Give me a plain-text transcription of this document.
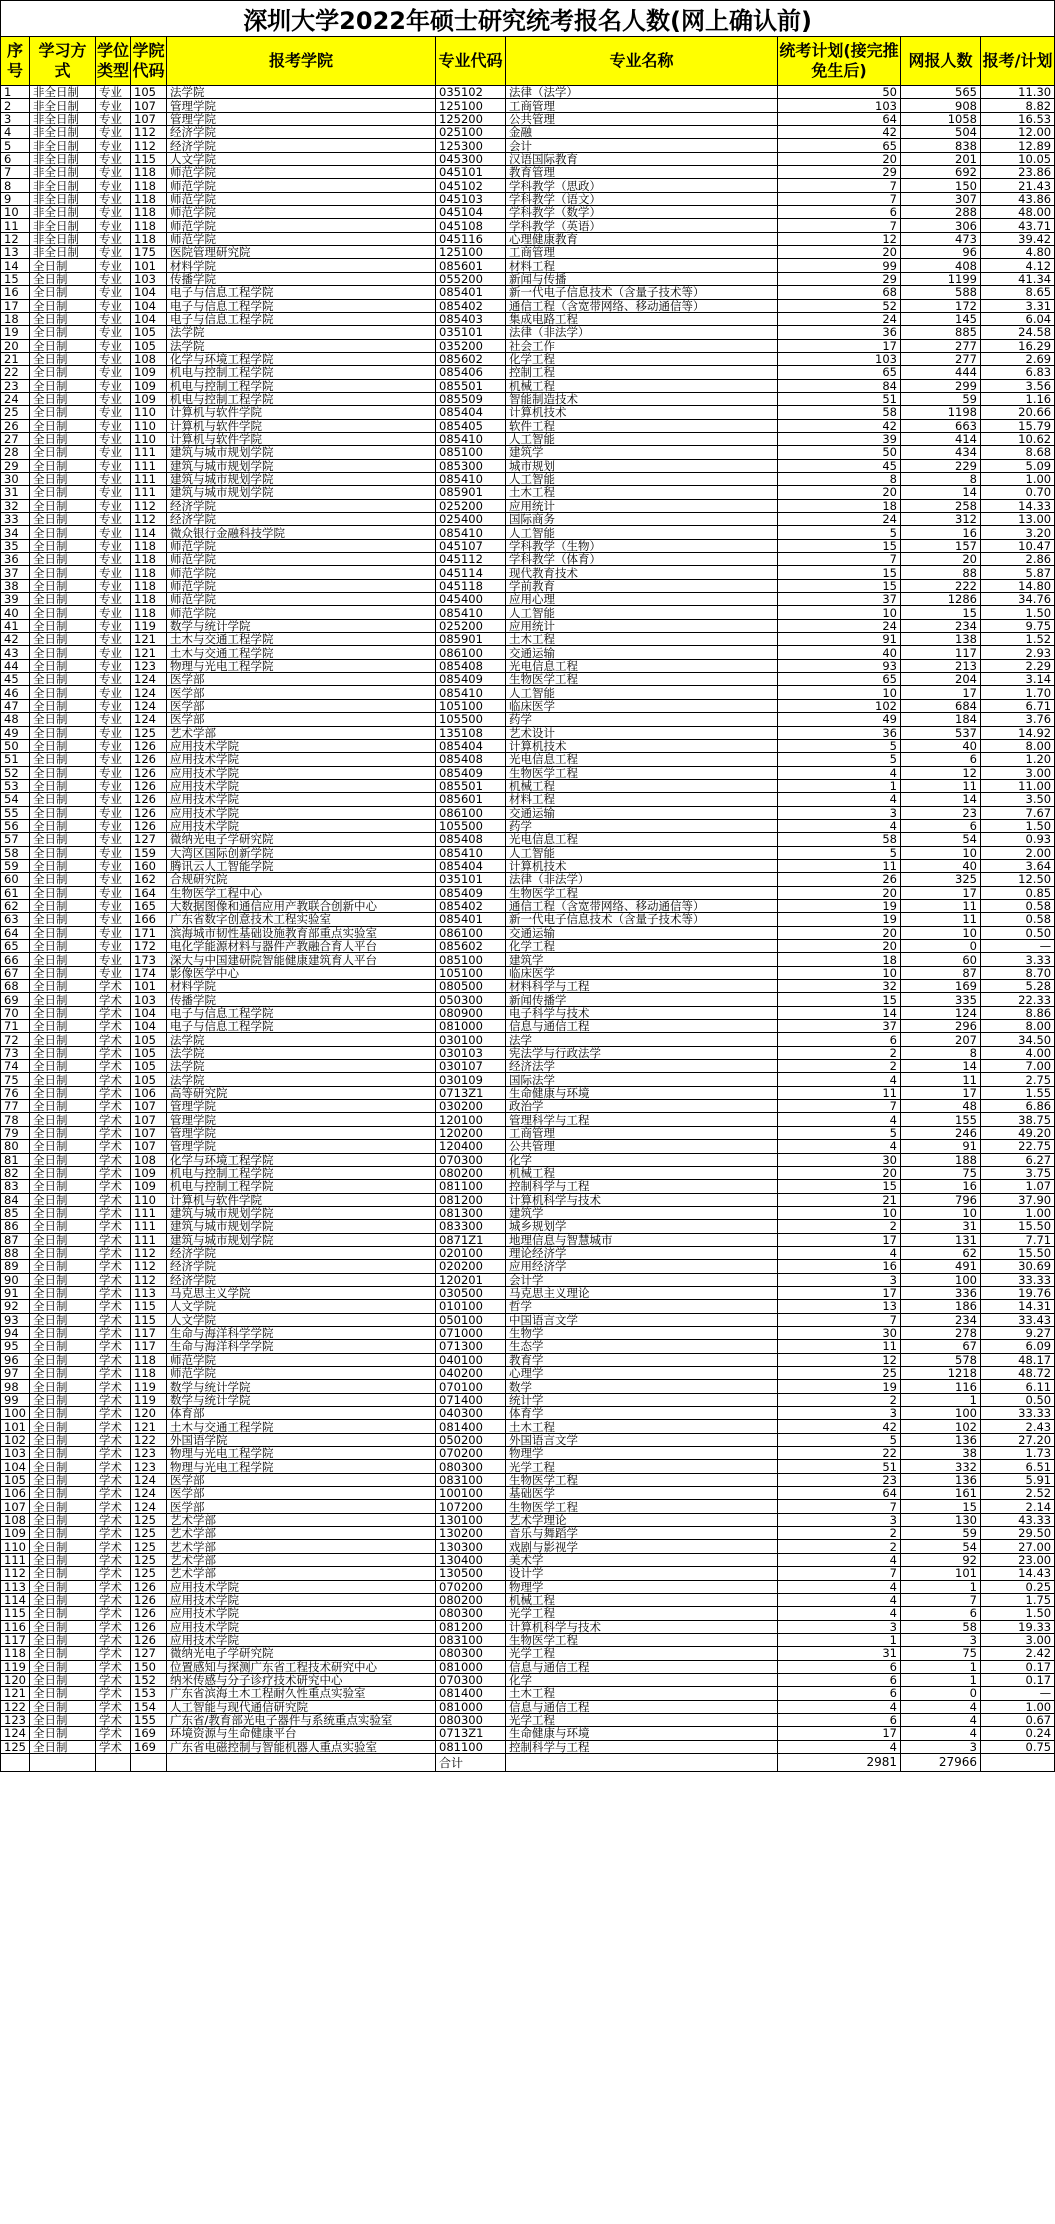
深圳大学2022年硕士研究统考报名人数(网上确认前)									
序号	学习方式	学位类型	学院代码	报考学院	专业代码	专业名称	统考计划(接完推免生后)	网报人数	报考/计划
1	非全日制	专业	105	法学院	035102	法律（法学）	50	565	11.30
2	非全日制	专业	107	管理学院	125100	工商管理	103	908	8.82
3	非全日制	专业	107	管理学院	125200	公共管理	64	1058	16.53
4	非全日制	专业	112	经济学院	025100	金融	42	504	12.00
5	非全日制	专业	112	经济学院	125300	会计	65	838	12.89
6	非全日制	专业	115	人文学院	045300	汉语国际教育	20	201	10.05
7	非全日制	专业	118	师范学院	045101	教育管理	29	692	23.86
8	非全日制	专业	118	师范学院	045102	学科教学（思政）	7	150	21.43
9	非全日制	专业	118	师范学院	045103	学科教学（语文）	7	307	43.86
10	非全日制	专业	118	师范学院	045104	学科教学（数学）	6	288	48.00
11	非全日制	专业	118	师范学院	045108	学科教学（英语）	7	306	43.71
12	非全日制	专业	118	师范学院	045116	心理健康教育	12	473	39.42
13	非全日制	专业	175	医院管理研究院	125100	工商管理	20	96	4.80
14	全日制	专业	101	材料学院	085601	材料工程	99	408	4.12
15	全日制	专业	103	传播学院	055200	新闻与传播	29	1199	41.34
16	全日制	专业	104	电子与信息工程学院	085401	新一代电子信息技术（含量子技术等）	68	588	8.65
17	全日制	专业	104	电子与信息工程学院	085402	通信工程（含宽带网络、移动通信等）	52	172	3.31
18	全日制	专业	104	电子与信息工程学院	085403	集成电路工程	24	145	6.04
19	全日制	专业	105	法学院	035101	法律（非法学）	36	885	24.58
20	全日制	专业	105	法学院	035200	社会工作	17	277	16.29
21	全日制	专业	108	化学与环境工程学院	085602	化学工程	103	277	2.69
22	全日制	专业	109	机电与控制工程学院	085406	控制工程	65	444	6.83
23	全日制	专业	109	机电与控制工程学院	085501	机械工程	84	299	3.56
24	全日制	专业	109	机电与控制工程学院	085509	智能制造技术	51	59	1.16
25	全日制	专业	110	计算机与软件学院	085404	计算机技术	58	1198	20.66
26	全日制	专业	110	计算机与软件学院	085405	软件工程	42	663	15.79
27	全日制	专业	110	计算机与软件学院	085410	人工智能	39	414	10.62
28	全日制	专业	111	建筑与城市规划学院	085100	建筑学	50	434	8.68
29	全日制	专业	111	建筑与城市规划学院	085300	城市规划	45	229	5.09
30	全日制	专业	111	建筑与城市规划学院	085410	人工智能	8	8	1.00
31	全日制	专业	111	建筑与城市规划学院	085901	土木工程	20	14	0.70
32	全日制	专业	112	经济学院	025200	应用统计	18	258	14.33
33	全日制	专业	112	经济学院	025400	国际商务	24	312	13.00
34	全日制	专业	114	微众银行金融科技学院	085410	人工智能	5	16	3.20
35	全日制	专业	118	师范学院	045107	学科教学（生物）	15	157	10.47
36	全日制	专业	118	师范学院	045112	学科教学（体育）	7	20	2.86
37	全日制	专业	118	师范学院	045114	现代教育技术	15	88	5.87
38	全日制	专业	118	师范学院	045118	学前教育	15	222	14.80
39	全日制	专业	118	师范学院	045400	应用心理	37	1286	34.76
40	全日制	专业	118	师范学院	085410	人工智能	10	15	1.50
41	全日制	专业	119	数学与统计学院	025200	应用统计	24	234	9.75
42	全日制	专业	121	土木与交通工程学院	085901	土木工程	91	138	1.52
43	全日制	专业	121	土木与交通工程学院	086100	交通运输	40	117	2.93
44	全日制	专业	123	物理与光电工程学院	085408	光电信息工程	93	213	2.29
45	全日制	专业	124	医学部	085409	生物医学工程	65	204	3.14
46	全日制	专业	124	医学部	085410	人工智能	10	17	1.70
47	全日制	专业	124	医学部	105100	临床医学	102	684	6.71
48	全日制	专业	124	医学部	105500	药学	49	184	3.76
49	全日制	专业	125	艺术学部	135108	艺术设计	36	537	14.92
50	全日制	专业	126	应用技术学院	085404	计算机技术	5	40	8.00
51	全日制	专业	126	应用技术学院	085408	光电信息工程	5	6	1.20
52	全日制	专业	126	应用技术学院	085409	生物医学工程	4	12	3.00
53	全日制	专业	126	应用技术学院	085501	机械工程	1	11	11.00
54	全日制	专业	126	应用技术学院	085601	材料工程	4	14	3.50
55	全日制	专业	126	应用技术学院	086100	交通运输	3	23	7.67
56	全日制	专业	126	应用技术学院	105500	药学	4	6	1.50
57	全日制	专业	127	微纳光电子学研究院	085408	光电信息工程	58	54	0.93
58	全日制	专业	159	大湾区国际创新学院	085410	人工智能	5	10	2.00
59	全日制	专业	160	腾讯云人工智能学院	085404	计算机技术	11	40	3.64
60	全日制	专业	162	合规研究院	035101	法律（非法学）	26	325	12.50
61	全日制	专业	164	生物医学工程中心	085409	生物医学工程	20	17	0.85
62	全日制	专业	165	大数据图像和通信应用产教联合创新中心	085402	通信工程（含宽带网络、移动通信等）	19	11	0.58
63	全日制	专业	166	广东省数字创意技术工程实验室	085401	新一代电子信息技术（含量子技术等）	19	11	0.58
64	全日制	专业	171	滨海城市韧性基础设施教育部重点实验室	086100	交通运输	20	10	0.50
65	全日制	专业	172	电化学能源材料与器件产教融合育人平台	085602	化学工程	20	0	—
66	全日制	专业	173	深大与中国建研院智能健康建筑育人平台	085100	建筑学	18	60	3.33
67	全日制	专业	174	影像医学中心	105100	临床医学	10	87	8.70
68	全日制	学术	101	材料学院	080500	材料科学与工程	32	169	5.28
69	全日制	学术	103	传播学院	050300	新闻传播学	15	335	22.33
70	全日制	学术	104	电子与信息工程学院	080900	电子科学与技术	14	124	8.86
71	全日制	学术	104	电子与信息工程学院	081000	信息与通信工程	37	296	8.00
72	全日制	学术	105	法学院	030100	法学	6	207	34.50
73	全日制	学术	105	法学院	030103	宪法学与行政法学	2	8	4.00
74	全日制	学术	105	法学院	030107	经济法学	2	14	7.00
75	全日制	学术	105	法学院	030109	国际法学	4	11	2.75
76	全日制	学术	106	高等研究院	0713Z1	生命健康与环境	11	17	1.55
77	全日制	学术	107	管理学院	030200	政治学	7	48	6.86
78	全日制	学术	107	管理学院	120100	管理科学与工程	4	155	38.75
79	全日制	学术	107	管理学院	120200	工商管理	5	246	49.20
80	全日制	学术	107	管理学院	120400	公共管理	4	91	22.75
81	全日制	学术	108	化学与环境工程学院	070300	化学	30	188	6.27
82	全日制	学术	109	机电与控制工程学院	080200	机械工程	20	75	3.75
83	全日制	学术	109	机电与控制工程学院	081100	控制科学与工程	15	16	1.07
84	全日制	学术	110	计算机与软件学院	081200	计算机科学与技术	21	796	37.90
85	全日制	学术	111	建筑与城市规划学院	081300	建筑学	10	10	1.00
86	全日制	学术	111	建筑与城市规划学院	083300	城乡规划学	2	31	15.50
87	全日制	学术	111	建筑与城市规划学院	0871Z1	地理信息与智慧城市	17	131	7.71
88	全日制	学术	112	经济学院	020100	理论经济学	4	62	15.50
89	全日制	学术	112	经济学院	020200	应用经济学	16	491	30.69
90	全日制	学术	112	经济学院	120201	会计学	3	100	33.33
91	全日制	学术	113	马克思主义学院	030500	马克思主义理论	17	336	19.76
92	全日制	学术	115	人文学院	010100	哲学	13	186	14.31
93	全日制	学术	115	人文学院	050100	中国语言文学	7	234	33.43
94	全日制	学术	117	生命与海洋科学学院	071000	生物学	30	278	9.27
95	全日制	学术	117	生命与海洋科学学院	071300	生态学	11	67	6.09
96	全日制	学术	118	师范学院	040100	教育学	12	578	48.17
97	全日制	学术	118	师范学院	040200	心理学	25	1218	48.72
98	全日制	学术	119	数学与统计学院	070100	数学	19	116	6.11
99	全日制	学术	119	数学与统计学院	071400	统计学	2	1	0.50
100	全日制	学术	120	体育部	040300	体育学	3	100	33.33
101	全日制	学术	121	土木与交通工程学院	081400	土木工程	42	102	2.43
102	全日制	学术	122	外国语学院	050200	外国语言文学	5	136	27.20
103	全日制	学术	123	物理与光电工程学院	070200	物理学	22	38	1.73
104	全日制	学术	123	物理与光电工程学院	080300	光学工程	51	332	6.51
105	全日制	学术	124	医学部	083100	生物医学工程	23	136	5.91
106	全日制	学术	124	医学部	100100	基础医学	64	161	2.52
107	全日制	学术	124	医学部	107200	生物医学工程	7	15	2.14
108	全日制	学术	125	艺术学部	130100	艺术学理论	3	130	43.33
109	全日制	学术	125	艺术学部	130200	音乐与舞蹈学	2	59	29.50
110	全日制	学术	125	艺术学部	130300	戏剧与影视学	2	54	27.00
111	全日制	学术	125	艺术学部	130400	美术学	4	92	23.00
112	全日制	学术	125	艺术学部	130500	设计学	7	101	14.43
113	全日制	学术	126	应用技术学院	070200	物理学	4	1	0.25
114	全日制	学术	126	应用技术学院	080200	机械工程	4	7	1.75
115	全日制	学术	126	应用技术学院	080300	光学工程	4	6	1.50
116	全日制	学术	126	应用技术学院	081200	计算机科学与技术	3	58	19.33
117	全日制	学术	126	应用技术学院	083100	生物医学工程	1	3	3.00
118	全日制	学术	127	微纳光电子学研究院	080300	光学工程	31	75	2.42
119	全日制	学术	150	位置感知与探测广东省工程技术研究中心	081000	信息与通信工程	6	1	0.17
120	全日制	学术	152	纳米传感与分子诊疗技术研究中心	070300	化学	6	1	0.17
121	全日制	学术	153	广东省滨海土木工程耐久性重点实验室	081400	土木工程	6	0	—
122	全日制	学术	154	人工智能与现代通信研究院	081000	信息与通信工程	4	4	1.00
123	全日制	学术	155	广东省/教育部光电子器件与系统重点实验室	080300	光学工程	6	4	0.67
124	全日制	学术	169	环境资源与生命健康平台	0713Z1	生命健康与环境	17	4	0.24
125	全日制	学术	169	广东省电磁控制与智能机器人重点实验室	081100	控制科学与工程	4	3	0.75
					合计		2981	27966	
